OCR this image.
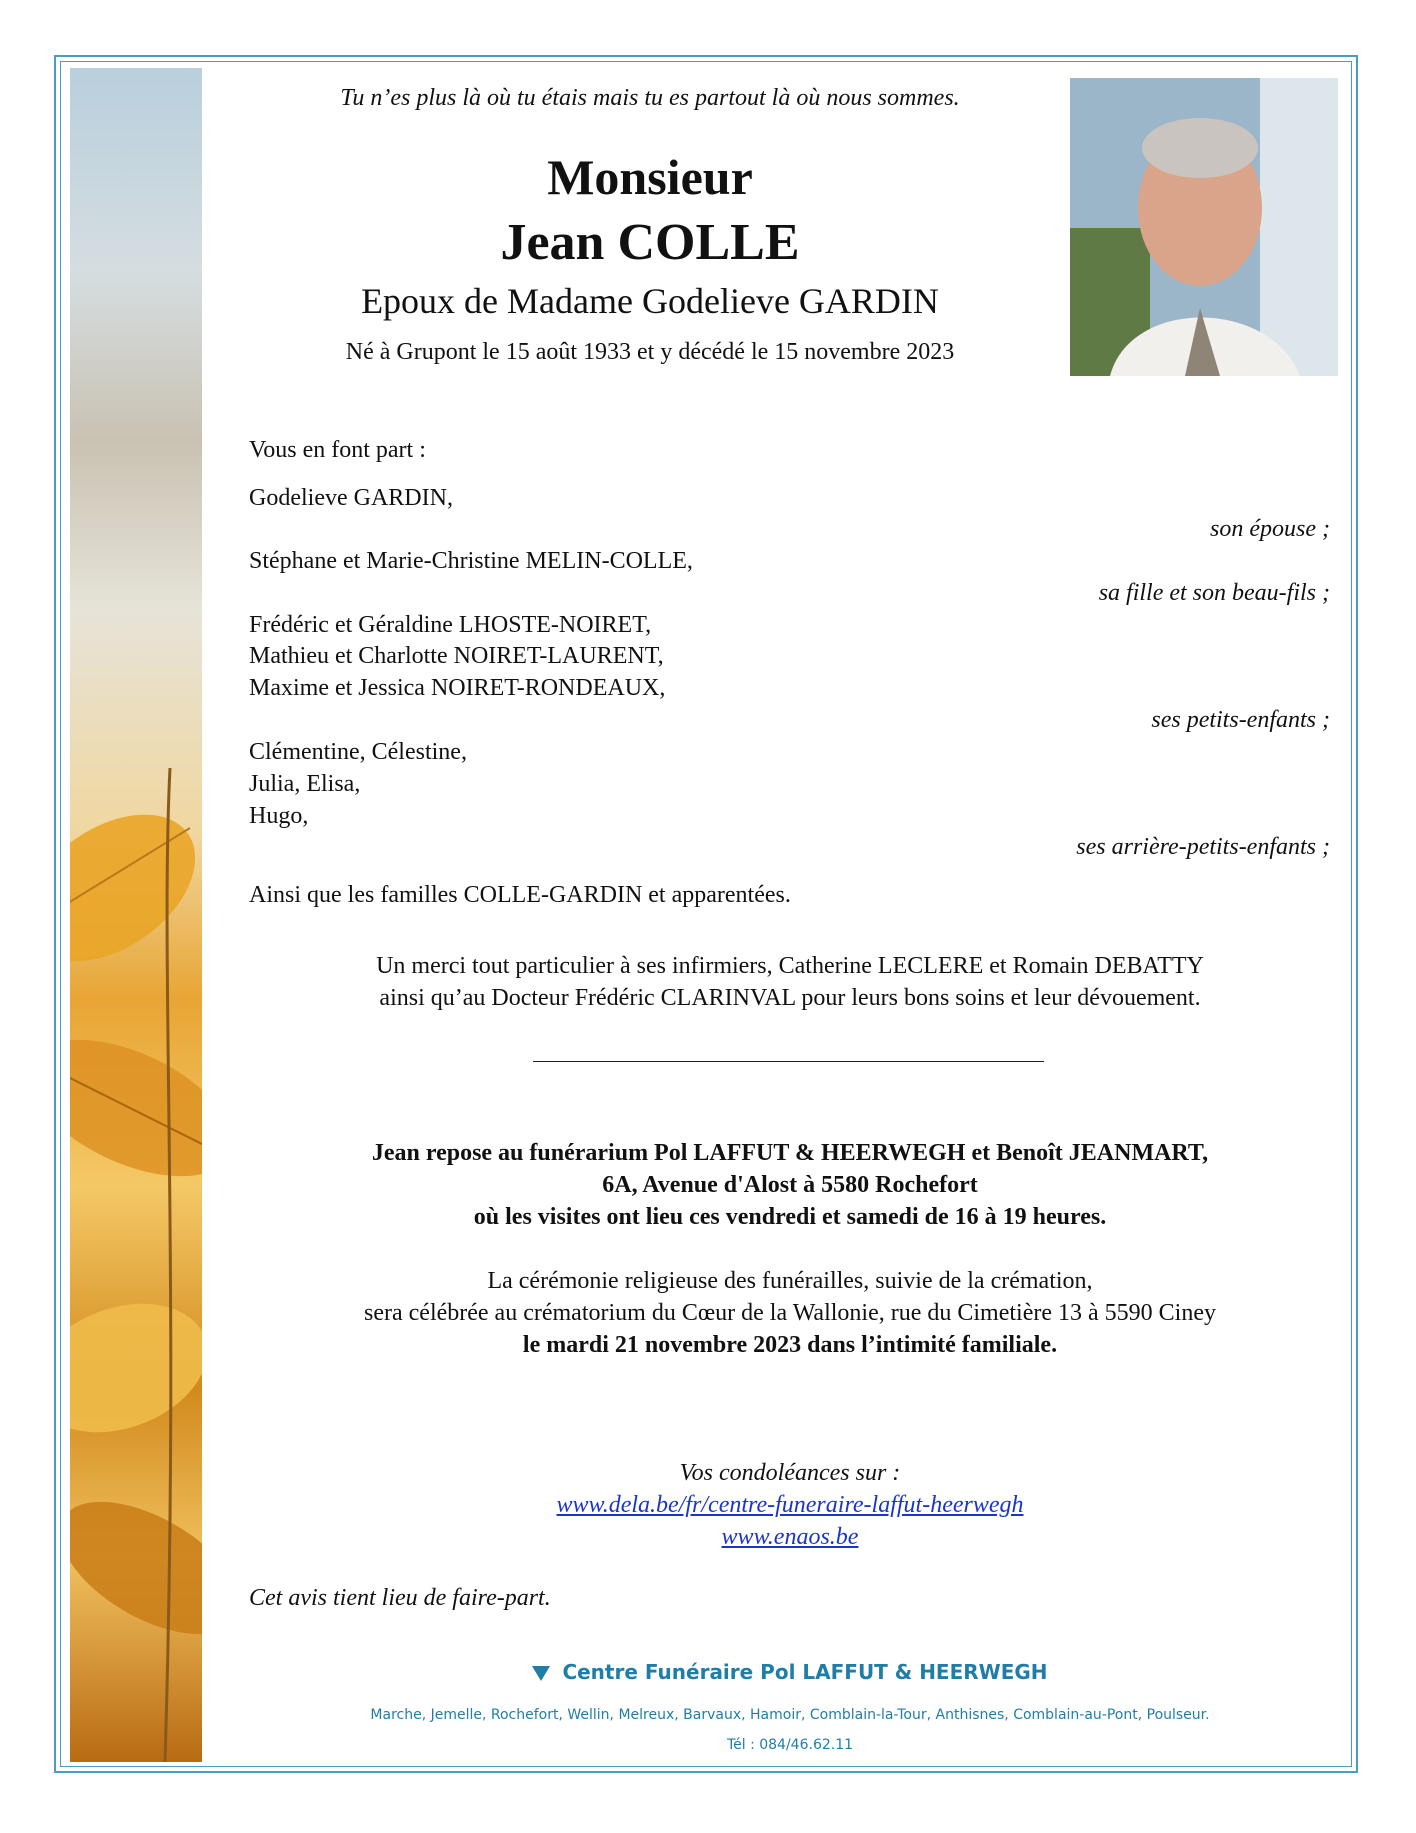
Tu n’es plus là où tu étais mais tu es partout là où nous sommes.
Monsieur
Jean COLLE
Epoux de Madame Godelieve GARDIN
Né à Grupont le 15 août 1933 et y décédé le 15 novembre 2023
Vous en font part :
Godelieve GARDIN,
son épouse ;
Stéphane et Marie-Christine MELIN-COLLE,
sa fille et son beau-fils ;
Frédéric et Géraldine LHOSTE-NOIRET,
Mathieu et Charlotte NOIRET-LAURENT,
Maxime et Jessica NOIRET-RONDEAUX,
ses petits-enfants ;
Clémentine, Célestine,
Julia, Elisa,
Hugo,
ses arrière-petits-enfants ;
Ainsi que les familles COLLE-GARDIN et apparentées.
Un merci tout particulier à ses infirmiers, Catherine LECLERE et Romain DEBATTY
ainsi qu’au Docteur Frédéric CLARINVAL pour leurs bons soins et leur dévouement.
Jean repose au funérarium Pol LAFFUT & HEERWEGH et Benoît JEANMART,
6A, Avenue d'Alost à 5580 Rochefort
où les visites ont lieu ces vendredi et samedi de 16 à 19 heures.
La cérémonie religieuse des funérailles, suivie de la crémation,
sera célébrée au crématorium du Cœur de la Wallonie, rue du Cimetière 13 à 5590 Ciney
le mardi 21 novembre 2023 dans l’intimité familiale.
Vos condoléances sur :
www.dela.be/fr/centre-funeraire-laffut-heerwegh
www.enaos.be
Cet avis tient lieu de faire-part.
Centre Funéraire Pol LAFFUT & HEERWEGH
Marche, Jemelle, Rochefort, Wellin, Melreux, Barvaux, Hamoir, Comblain-la-Tour, Anthisnes, Comblain-au-Pont, Poulseur.
Tél : 084/46.62.11
